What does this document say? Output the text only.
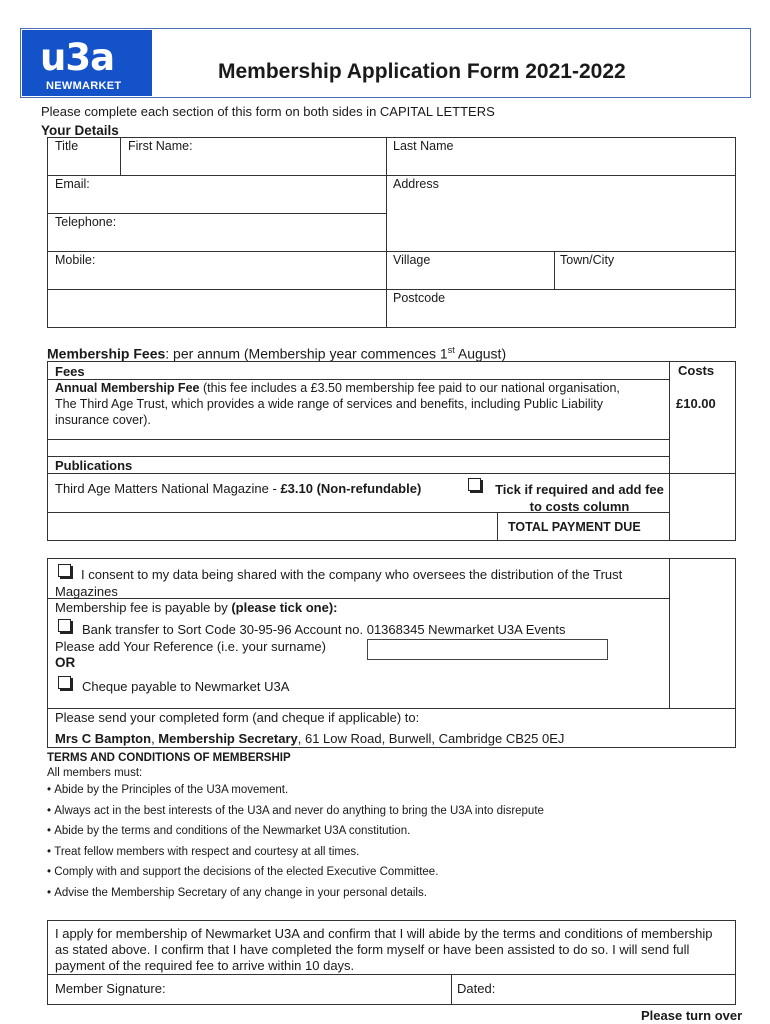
u3a
NEWMARKET
Membership Application Form 2021-2022
Please complete each section of this form on both sides in CAPITAL LETTERS
Your Details
Title	First Name:	Last Name
Email:	Address
Telephone:
Mobile:	Village	Town/City
Postcode
Membership Fees: per annum (Membership year commences 1st August)
Fees	Costs
Annual Membership Fee (this fee includes a £3.50 membership fee paid to our national organisation, The Third Age Trust, which provides a wide range of services and benefits, including Public Liability insurance cover).
£10.00
Publications
Third Age Matters National Magazine - £3.10 (Non-refundable)	Tick if required and add fee to costs column
TOTAL PAYMENT DUE
I consent to my data being shared with the company who oversees the distribution of the Trust Magazines
Membership fee is payable by (please tick one):
Bank transfer to Sort Code 30-95-96 Account no. 01368345 Newmarket U3A Events
Please add Your Reference (i.e. your surname)
OR
Cheque payable to Newmarket U3A
Please send your completed form (and cheque if applicable) to:
Mrs C Bampton, Membership Secretary, 61 Low Road, Burwell, Cambridge CB25 0EJ
TERMS AND CONDITIONS OF MEMBERSHIP
All members must:
• Abide by the Principles of the U3A movement.
• Always act in the best interests of the U3A and never do anything to bring the U3A into disrepute
• Abide by the terms and conditions of the Newmarket U3A constitution.
• Treat fellow members with respect and courtesy at all times.
• Comply with and support the decisions of the elected Executive Committee.
• Advise the Membership Secretary of any change in your personal details.
I apply for membership of Newmarket U3A and confirm that I will abide by the terms and conditions of membership as stated above. I confirm that I have completed the form myself or have been assisted to do so. I will send full payment of the required fee to arrive within 10 days.
Member Signature:	Dated:
Please turn over
